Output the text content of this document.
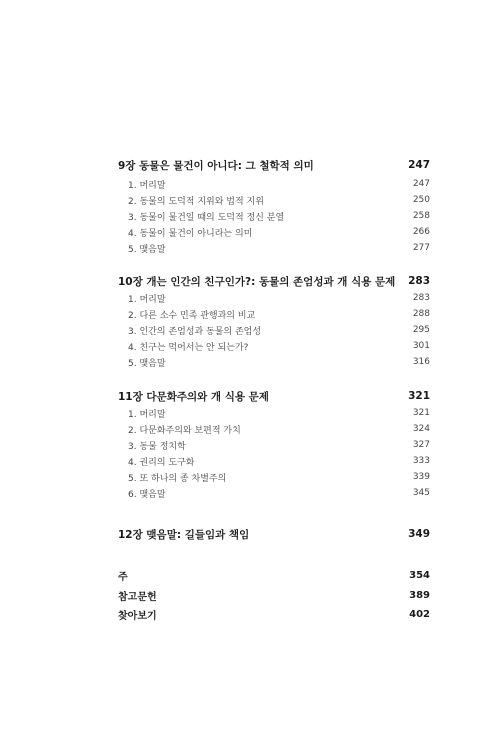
9장 동물은 물건이 아니다: 그 철학적 의미	247
1. 머리말	247
2. 동물의 도덕적 지위와 법적 지위	250
3. 동물이 물건일 때의 도덕적 정신 분열	258
4. 동물이 물건이 아니라는 의미	266
5. 맺음말	277
10장 개는 인간의 친구인가?: 동물의 존엄성과 개 식용 문제 283
1. 머리말	283
2. 다른 소수 민족 관행과의 비교	288
3. 인간의 존엄성과 동물의 존엄성	295
4. 친구는 먹어서는 안 되는가?	301
5. 맺음말	316
11장 다문화주의와 개 식용 문제	321
1. 머리말	321
2. 다문화주의와 보편적 가치	324
3. 동물 정치학	327
4. 권리의 도구화	333
5. 또 하나의 종 차별주의	339
6. 맺음말	345
12장 맺음말: 길들임과 책임	349
주	354
참고문헌	389
찾아보기	402
